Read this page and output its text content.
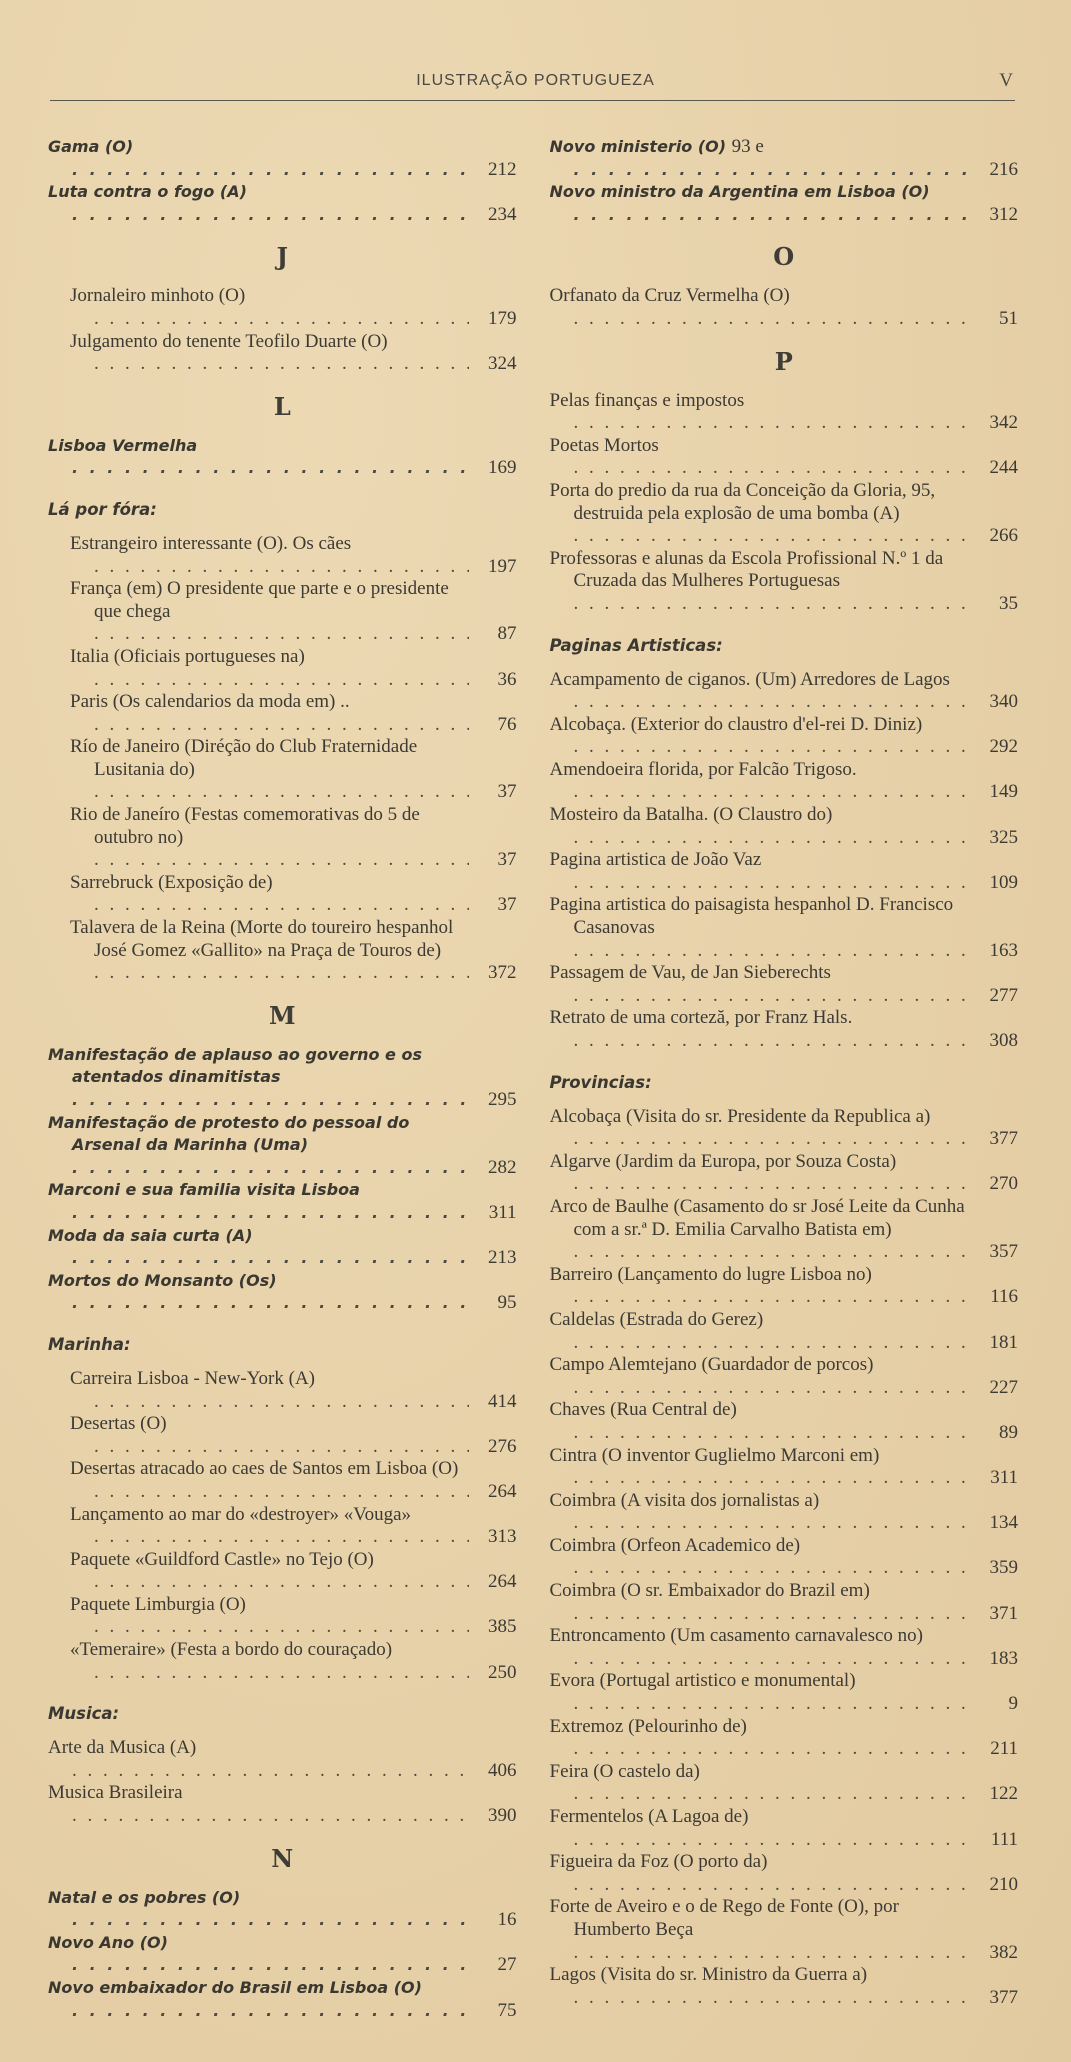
ILUSTRAÇÃO PORTUGUEZA	V
Gama (O) . . .
212
Luta contra o fogo (A) . . .
234
J
Jornaleiro minhoto (O) . . .
179
Julgamento do tenente Teofilo Duarte (O) . . .
324
L
Lisboa Vermelha . . .
169
Lá por fóra:
Estrangeiro interessante (O). Os cães . . .
197
França (em) O presidente que parte e o presidente que chega . . .
87
Italia (Oficiais portugueses na) . . .
36
Paris (Os calendarios da moda em) .. . . .
76
Río de Janeiro (Diréção do Club Fraternidade Lusitania do) . . .
37
Rio de Janeíro (Festas comemorativas do 5 de outubro no) . . .
37
Sarrebruck (Exposição de) . . .
37
Talavera de la Reina (Morte do toureiro hespanhol José Gomez «Gallito» na Praça de Touros de) . . .
372
M
Manifestação de aplauso ao governo e os atentados dinamitistas . . .
295
Manifestação de protesto do pessoal do Arsenal da Marinha (Uma) . . .
282
Marconi e sua familia visita Lisboa . . .
311
Moda da saia curta (A) . . .
213
Mortos do Monsanto (Os) . . .
95
Marinha:
Carreira Lisboa - New-York (A) . . .
414
Desertas (O) . . .
276
Desertas atracado ao caes de Santos em Lisboa (O) . . .
264
Lançamento ao mar do «destroyer» «Vouga» . . .
313
Paquete «Guildford Castle» no Tejo (O) . . .
264
Paquete Limburgia (O) . . .
385
«Temeraire» (Festa a bordo do couraçado) . . .
250
Musica:
Arte da Musica (A) . . .
406
Musica Brasileira . . .
390
N
Natal e os pobres (O) . . .
16
Novo Ano (O) . . .
27
Novo embaixador do Brasil em Lisboa (O) . . .
75
Novo ministerio (O) 93 e . . .
216
Novo ministro da Argentina em Lisboa (O) . . .
312
O
Orfanato da Cruz Vermelha (O) . . .
51
P
Pelas finanças e impostos . . .
342
Poetas Mortos . . .
244
Porta do predio da rua da Conceição da Gloria, 95, destruida pela explosão de uma bomba (A) . . .
266
Professoras e alunas da Escola Profissional N.º 1 da Cruzada das Mulheres Portuguesas . . .
35
Paginas Artisticas:
Acampamento de ciganos. (Um) Arredores de Lagos . . .
340
Alcobaça. (Exterior do claustro d'el-rei D. Diniz) . . .
292
Amendoeira florida, por Falcão Trigoso. . . .
149
Mosteiro da Batalha. (O Claustro do) . . .
325
Pagina artistica de João Vaz . . .
109
Pagina artistica do paisagista hespanhol D. Francisco Casanovas . . .
163
Passagem de Vau, de Jan Sieberechts . . .
277
Retrato de uma corteză, por Franz Hals. . . .
308
Provincias:
Alcobaça (Visita do sr. Presidente da Republica a) . . .
377
Algarve (Jardim da Europa, por Souza Costa) . . .
270
Arco de Baulhe (Casamento do sr José Leite da Cunha com a sr.ª D. Emilia Carvalho Batista em) . . .
357
Barreiro (Lançamento do lugre Lisboa no) . . .
116
Caldelas (Estrada do Gerez) . . .
181
Campo Alemtejano (Guardador de porcos) . . .
227
Chaves (Rua Central de) . . .
89
Cintra (O inventor Guglielmo Marconi em) . . .
311
Coimbra (A visita dos jornalistas a) . . .
134
Coimbra (Orfeon Academico de) . . .
359
Coimbra (O sr. Embaixador do Brazil em) . . .
371
Entroncamento (Um casamento carnavalesco no) . . .
183
Evora (Portugal artistico e monumental) . . .
9
Extremoz (Pelourinho de) . . .
211
Feira (O castelo da) . . .
122
Fermentelos (A Lagoa de) . . .
111
Figueira da Foz (O porto da) . . .
210
Forte de Aveiro e o de Rego de Fonte (O), por Humberto Beça . . .
382
Lagos (Visita do sr. Ministro da Guerra a) . . .
377
